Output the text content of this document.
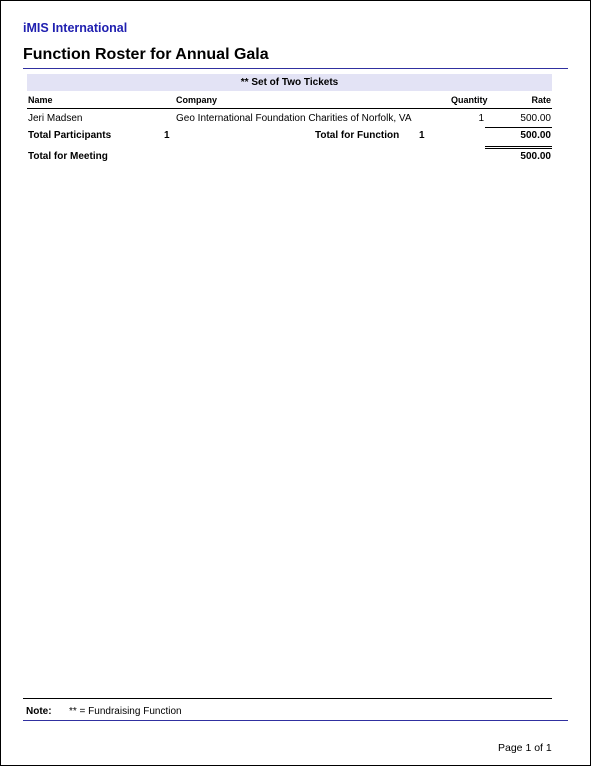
iMIS International
Function Roster for Annual Gala
** Set of Two Tickets
Name	Company	Quantity	Rate
Jeri Madsen	Geo International Foundation Charities of Norfolk, VA	1	500.00
Total Participants	1	Total for Function 1	500.00
Total for Meeting	500.00
Note: ** = Fundraising Function
Page 1 of 1
